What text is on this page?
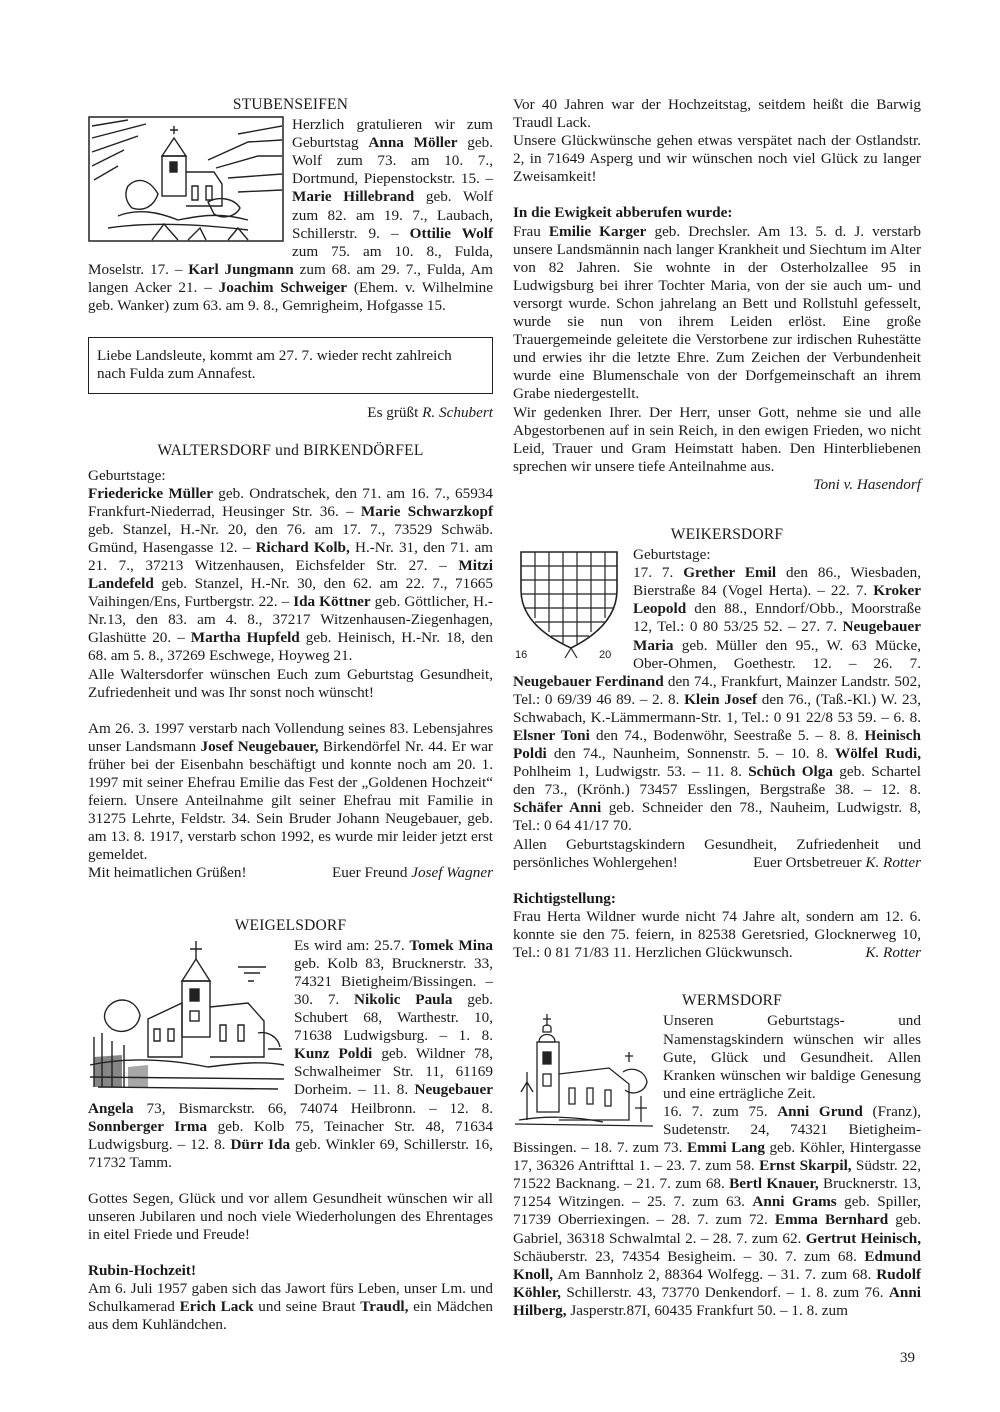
STUBENSEIFEN

Herzlich gratulieren wir zum Geburtstag Anna Möller geb. Wolf zum 73. am 10. 7., Dortmund, Piepenstockstr. 15. – Marie Hillebrand geb. Wolf zum 82. am 19. 7., Laubach, Schillerstr. 9. – Ottilie Wolf zum 75. am 10. 8., Fulda, Moselstr. 17. – Karl Jungmann zum 68. am 29. 7., Fulda, Am langen Acker 21. – Joachim Schweiger (Ehem. v. Wilhelmine geb. Wanker) zum 63. am 9. 8., Gemrigheim, Hofgasse 15.

Liebe Landsleute, kommt am 27. 7. wieder recht zahlreich nach Fulda zum Annafest.

Es grüßt R. Schubert

WALTERSDORF und BIRKENDÖRFEL

Geburtstage:

Friedericke Müller geb. Ondratschek, den 71. am 16. 7., 65934 Frankfurt-Niederrad, Heusinger Str. 36. – Marie Schwarzkopf geb. Stanzel, H.-Nr. 20, den 76. am 17. 7., 73529 Schwäb. Gmünd, Hasengasse 12. – Richard Kolb, H.-Nr. 31, den 71. am 21. 7., 37213 Witzenhausen, Eichsfelder Str. 27. – Mitzi Landefeld geb. Stanzel, H.-Nr. 30, den 62. am 22. 7., 71665 Vaihingen/Ens, Furtbergstr. 22. – Ida Köttner geb. Göttlicher, H.-Nr.13, den 83. am 4. 8., 37217 Witzenhausen-Ziegenhagen, Glashütte 20. – Martha Hupfeld geb. Heinisch, H.-Nr. 18, den 68. am 5. 8., 37269 Eschwege, Hoyweg 21.

Alle Waltersdorfer wünschen Euch zum Geburtstag Gesundheit, Zufriedenheit und was Ihr sonst noch wünscht!

Am 26. 3. 1997 verstarb nach Vollendung seines 83. Lebensjahres unser Landsmann Josef Neugebauer, Birkendörfel Nr. 44. Er war früher bei der Eisenbahn beschäftigt und konnte noch am 20. 1. 1997 mit seiner Ehefrau Emilie das Fest der „Goldenen Hochzeit“ feiern. Unsere Anteilnahme gilt seiner Ehefrau mit Familie in 31275 Lehrte, Feldstr. 34. Sein Bruder Johann Neugebauer, geb. am 13. 8. 1917, verstarb schon 1992, es wurde mir leider jetzt erst gemeldet.

Mit heimatlichen Grüßen!	Euer Freund Josef Wagner
WEIGELSDORF

Es wird am: 25.7. Tomek Mina geb. Kolb 83, Brucknerstr. 33, 74321 Bietigheim/Bissingen. – 30. 7. Nikolic Paula geb. Schubert 68, Warthestr. 10, 71638 Ludwigsburg. – 1. 8. Kunz Poldi geb. Wildner 78, Schwalheimer Str. 11, 61169 Dorheim. – 11. 8. Neugebauer Angela 73, Bismarckstr. 66, 74074 Heilbronn. – 12. 8. Sonnberger Irma geb. Kolb 75, Teinacher Str. 48, 71634 Ludwigsburg. – 12. 8. Dürr Ida geb. Winkler 69, Schillerstr. 16, 71732 Tamm.

Gottes Segen, Glück und vor allem Gesundheit wünschen wir all unseren Jubilaren und noch viele Wiederholungen des Ehrentages in eitel Friede und Freude!

Rubin-Hochzeit!

Am 6. Juli 1957 gaben sich das Jawort fürs Leben, unser Lm. und Schulkamerad Erich Lack und seine Braut Traudl, ein Mädchen aus dem Kuhländchen.

Vor 40 Jahren war der Hochzeitstag, seitdem heißt die Barwig Traudl Lack.

Unsere Glückwünsche gehen etwas verspätet nach der Ostlandstr. 2, in 71649 Asperg und wir wünschen noch viel Glück zu langer Zweisamkeit!

In die Ewigkeit abberufen wurde:

Frau Emilie Karger geb. Drechsler. Am 13. 5. d. J. verstarb unsere Landsmännin nach langer Krankheit und Siechtum im Alter von 82 Jahren. Sie wohnte in der Osterholzallee 95 in Ludwigsburg bei ihrer Tochter Maria, von der sie auch um- und versorgt wurde. Schon jahrelang an Bett und Rollstuhl gefesselt, wurde sie nun von ihrem Leiden erlöst. Eine große Trauergemeinde geleitete die Verstorbene zur irdischen Ruhestätte und erwies ihr die letzte Ehre. Zum Zeichen der Verbundenheit wurde eine Blumenschale von der Dorfgemeinschaft an ihrem Grabe niedergestellt.

Wir gedenken Ihrer. Der Herr, unser Gott, nehme sie und alle Abgestorbenen auf in sein Reich, in den ewigen Frieden, wo nicht Leid, Trauer und Gram Heimstatt haben. Den Hinterbliebenen sprechen wir unsere tiefe Anteilnahme aus.

Toni v. Hasendorf

WEIKERSDORF
16	20

Geburtstage:

17. 7. Grether Emil den 86., Wiesbaden, Bierstraße 84 (Vogel Herta). – 22. 7. Kroker Leopold den 88., Enndorf/Obb., Moorstraße 12, Tel.: 0 80 53/25 52. – 27. 7. Neugebauer Maria geb. Müller den 95., W. 63 Mücke, Ober-Ohmen, Goethestr. 12. – 26. 7. Neugebauer Ferdinand den 74., Frankfurt, Mainzer Landstr. 502, Tel.: 0 69/39 46 89. – 2. 8. Klein Josef den 76., (Taß.-Kl.) W. 23, Schwabach, K.-Lämmermann-Str. 1, Tel.: 0 91 22/8 53 59. – 6. 8. Elsner Toni den 74., Bodenwöhr, Seestraße 5. – 8. 8. Heinisch Poldi den 74., Naunheim, Sonnenstr. 5. – 10. 8. Wölfel Rudi, Pohlheim 1, Ludwigstr. 53. – 11. 8. Schüch Olga geb. Schartel den 73., (Krönh.) 73457 Esslingen, Bergstraße 38. – 12. 8. Schäfer Anni geb. Schneider den 78., Nauheim, Ludwigstr. 8, Tel.: 0 64 41/17 70.

Allen Geburtstagskindern Gesundheit, Zufriedenheit und persönliches Wohlergehen!	Euer Ortsbetreuer K. Rotter

Richtigstellung:

Frau Herta Wildner wurde nicht 74 Jahre alt, sondern am 12. 6. konnte sie den 75. feiern, in 82538 Geretsried, Glocknerweg 10, Tel.: 0 81 71/83 11. Herzlichen Glückwunsch.	K. Rotter

WERMSDORF

Unseren Geburtstags- und Namenstagskindern wünschen wir alles Gute, Glück und Gesundheit. Allen Kranken wünschen wir baldige Genesung und eine erträgliche Zeit.

16. 7. zum 75. Anni Grund (Franz), Sudetenstr. 24, 74321 Bietigheim-Bissingen. – 18. 7. zum 73. Emmi Lang geb. Köhler, Hintergasse 17, 36326 Antrifttal 1. – 23. 7. zum 58. Ernst Skarpil, Südstr. 22, 71522 Backnang. – 21. 7. zum 68. Bertl Knauer, Brucknerstr. 13, 71254 Witzingen. – 25. 7. zum 63. Anni Grams geb. Spiller, 71739 Oberriexingen. – 28. 7. zum 72. Emma Bernhard geb. Gabriel, 36318 Schwalmtal 2. – 28. 7. zum 62. Gertrut Heinisch, Schäuberstr. 23, 74354 Besigheim. – 30. 7. zum 68. Edmund Knoll, Am Bannholz 2, 88364 Wolfegg. – 31. 7. zum 68. Rudolf Köhler, Schillerstr. 43, 73770 Denkendorf. – 1. 8. zum 76. Anni Hilberg, Jasperstr.87I, 60435 Frankfurt 50. – 1. 8. zum

39
